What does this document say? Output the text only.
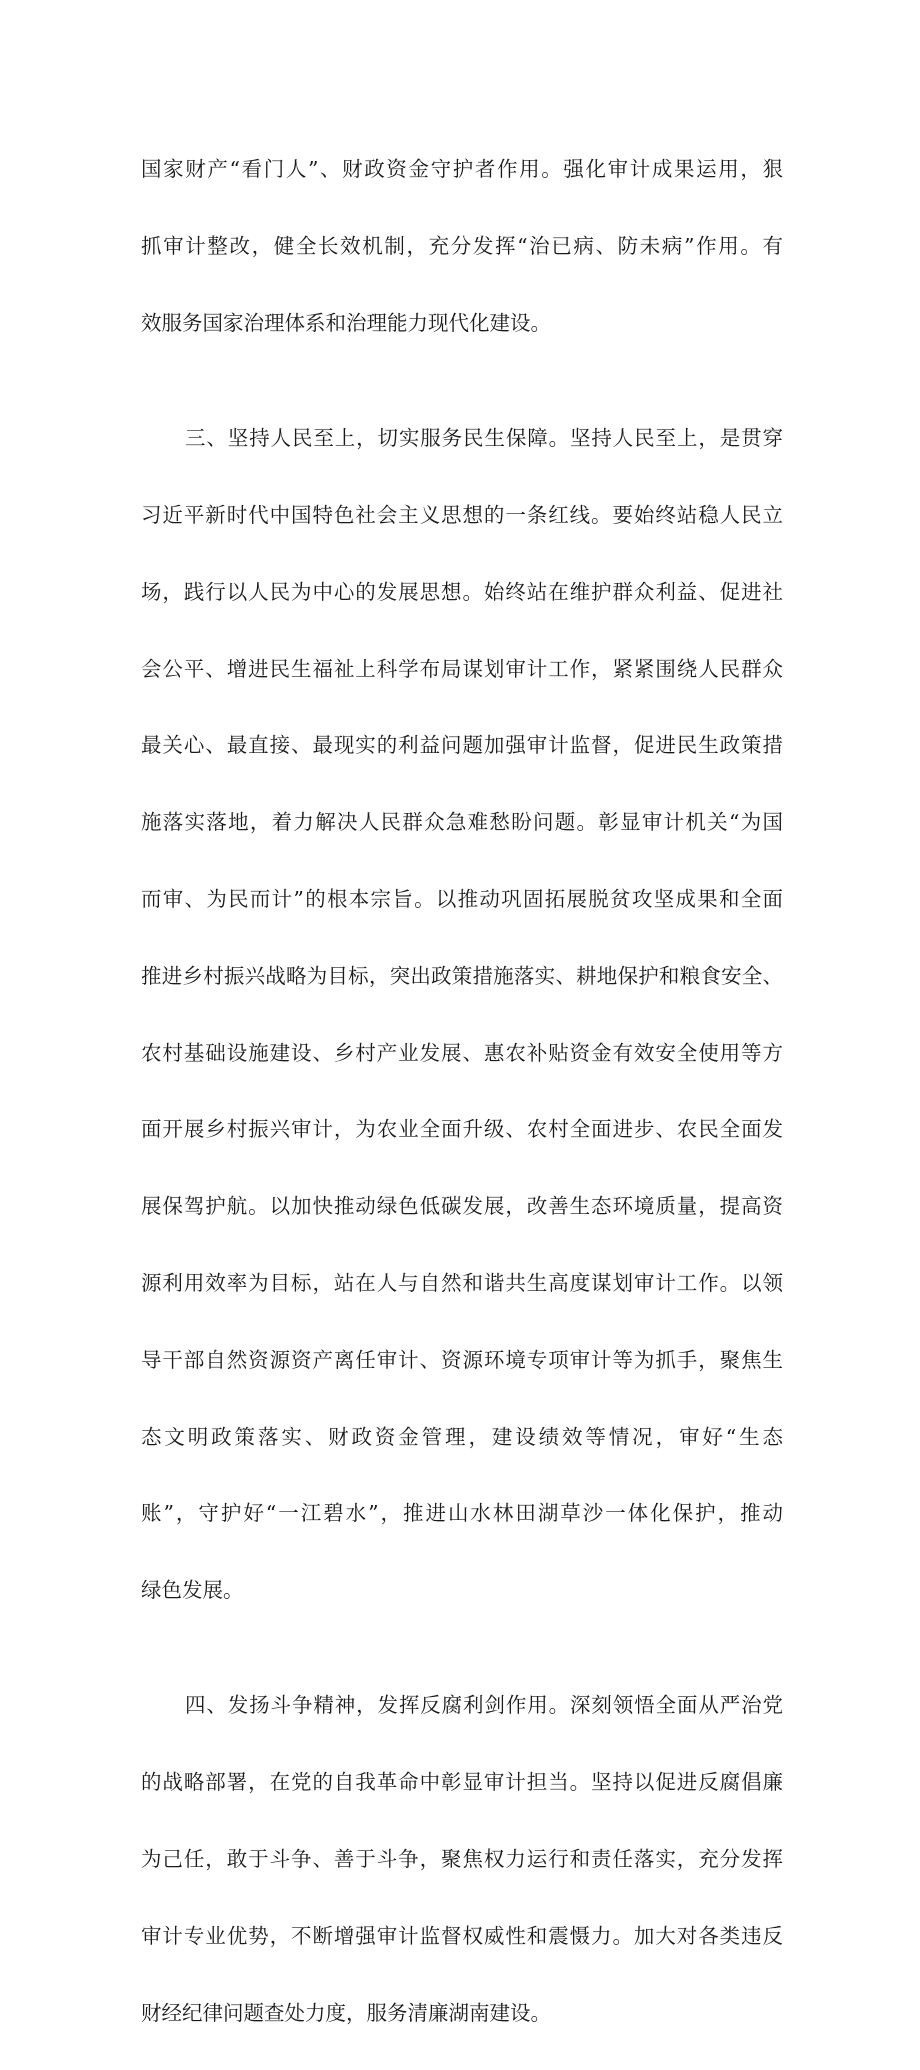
国家财产“看门人”、财政资金守护者作用。强化审计成果运用，狠

抓审计整改，健全长效机制，充分发挥“治已病、防未病”作用。有

效服务国家治理体系和治理能力现代化建设。

三、坚持人民至上，切实服务民生保障。坚持人民至上，是贯穿

习近平新时代中国特色社会主义思想的一条红线。要始终站稳人民立

场，践行以人民为中心的发展思想。始终站在维护群众利益、促进社

会公平、增进民生福祉上科学布局谋划审计工作，紧紧围绕人民群众

最关心、最直接、最现实的利益问题加强审计监督，促进民生政策措

施落实落地，着力解决人民群众急难愁盼问题。彰显审计机关“为国

而审、为民而计”的根本宗旨。以推动巩固拓展脱贫攻坚成果和全面

推进乡村振兴战略为目标，突出政策措施落实、耕地保护和粮食安全、

农村基础设施建设、乡村产业发展、惠农补贴资金有效安全使用等方

面开展乡村振兴审计，为农业全面升级、农村全面进步、农民全面发

展保驾护航。以加快推动绿色低碳发展，改善生态环境质量，提高资

源利用效率为目标，站在人与自然和谐共生高度谋划审计工作。以领

导干部自然资源资产离任审计、资源环境专项审计等为抓手，聚焦生

态文明政策落实、财政资金管理，建设绩效等情况，审好“生态

账”，守护好“一江碧水”，推进山水林田湖草沙一体化保护，推动

绿色发展。

四、发扬斗争精神，发挥反腐利剑作用。深刻领悟全面从严治党

的战略部署，在党的自我革命中彰显审计担当。坚持以促进反腐倡廉

为己任，敢于斗争、善于斗争，聚焦权力运行和责任落实，充分发挥

审计专业优势，不断增强审计监督权威性和震慑力。加大对各类违反

财经纪律问题查处力度，服务清廉湖南建设。
